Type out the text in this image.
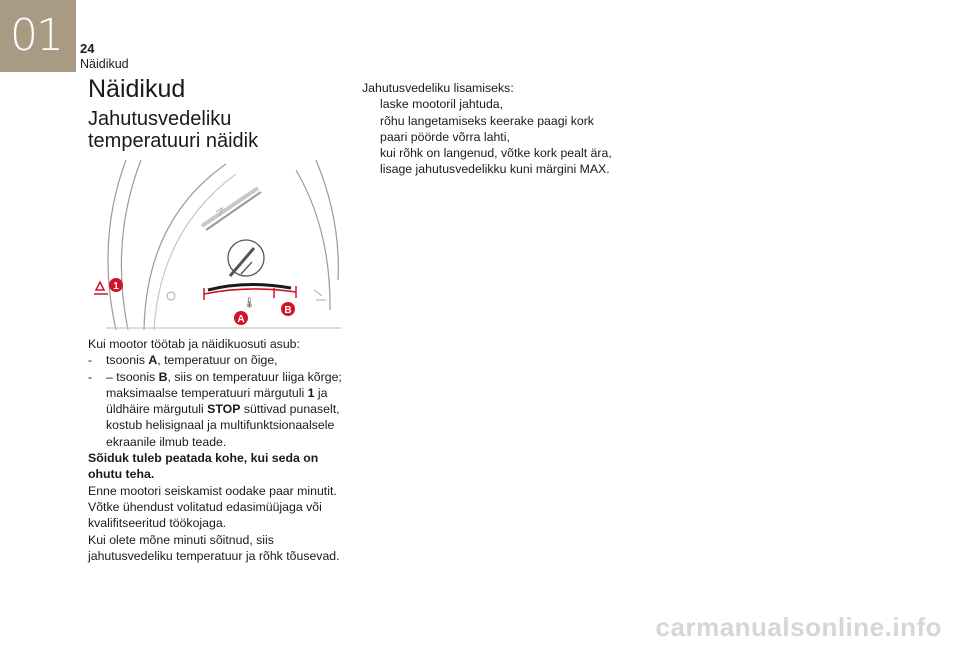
01 24
Näidikud
Näidikud
Jahutusvedeliku temperatuuri näidik
🌡
1
A
B
Kui mootor töötab ja näidikuosuti asub:
-	tsoonis A, temperatuur on õige,
-	– tsoonis B, siis on temperatuur liiga kõrge;
maksimaalse temperatuuri märgutuli 1 ja
üldhäire märgutuli STOP süttivad punaselt,
kostub helisignaal ja multifunktsionaalsele
ekraanile ilmub teade.
Sõiduk tuleb peatada kohe, kui seda on
ohutu teha.
Enne mootori seiskamist oodake paar minutit.
Võtke ühendust volitatud edasimüüjaga või
kvalifitseeritud töökojaga.
Kui olete mõne minuti sõitnud, siis
jahutusvedeliku temperatuur ja rõhk tõusevad.
Jahutusvedeliku lisamiseks:
laske mootoril jahtuda,
rõhu langetamiseks keerake paagi kork
paari pöörde võrra lahti,
kui rõhk on langenud, võtke kork pealt ära,
lisage jahutusvedelikku kuni märgini MAX.
carmanualsonline.info
